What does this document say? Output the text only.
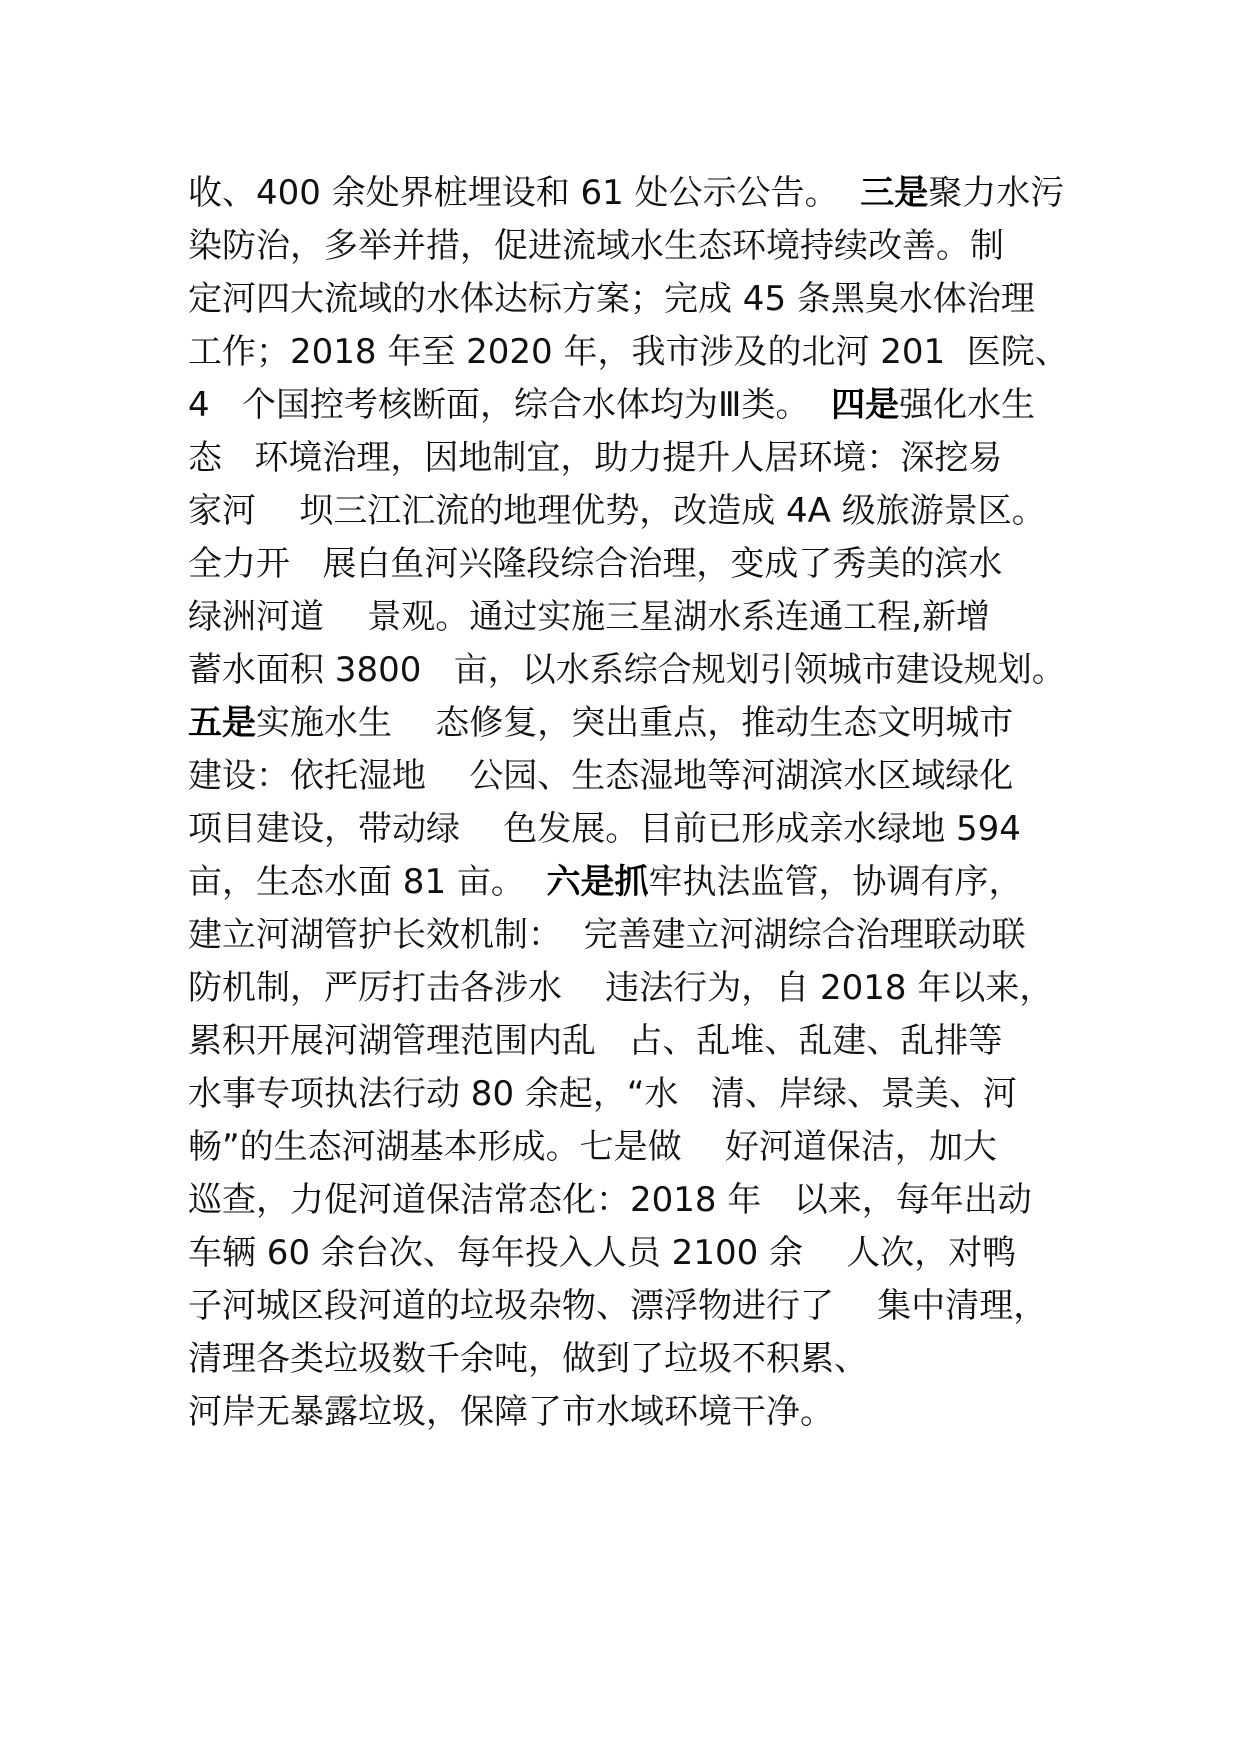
收、400 余处界桩埋设和 61 处公示公告。  三是聚力水污
染防治，多举并措，促进流域水生态环境持续改善。制
定河四大流域的水体达标方案；完成 45 条黑臭水体治理
工作；2018 年至 2020 年，我市涉及的北河 201  医院、
4   个国控考核断面，综合水体均为Ⅲ类。  四是强化水生
态   环境治理，因地制宜，助力提升人居环境：深挖易
家河    坝三江汇流的地理优势，改造成 4A 级旅游景区。
全力开   展白鱼河兴隆段综合治理，变成了秀美的滨水
绿洲河道    景观。通过实施三星湖水系连通工程,新增
蓄水面积 3800   亩，以水系综合规划引领城市建设规划。
五是实施水生    态修复，突出重点，推动生态文明城市
建设：依托湿地    公园、生态湿地等河湖滨水区域绿化
项目建设，带动绿    色发展。目前已形成亲水绿地 594
亩，生态水面 81 亩。  六是抓牢执法监管，协调有序，
建立河湖管护长效机制：  完善建立河湖综合治理联动联
防机制，严厉打击各涉水    违法行为，自 2018 年以来，
累积开展河湖管理范围内乱   占、乱堆、乱建、乱排等
水事专项执法行动 80 余起，“水   清、岸绿、景美、河
畅”的生态河湖基本形成。七是做    好河道保洁，加大
巡查，力促河道保洁常态化：2018 年   以来，每年出动
车辆 60 余台次、每年投入人员 2100 余    人次，对鸭
子河城区段河道的垃圾杂物、漂浮物进行了    集中清理，
清理各类垃圾数千余吨，做到了垃圾不积累、
河岸无暴露垃圾，保障了市水域环境干净。
